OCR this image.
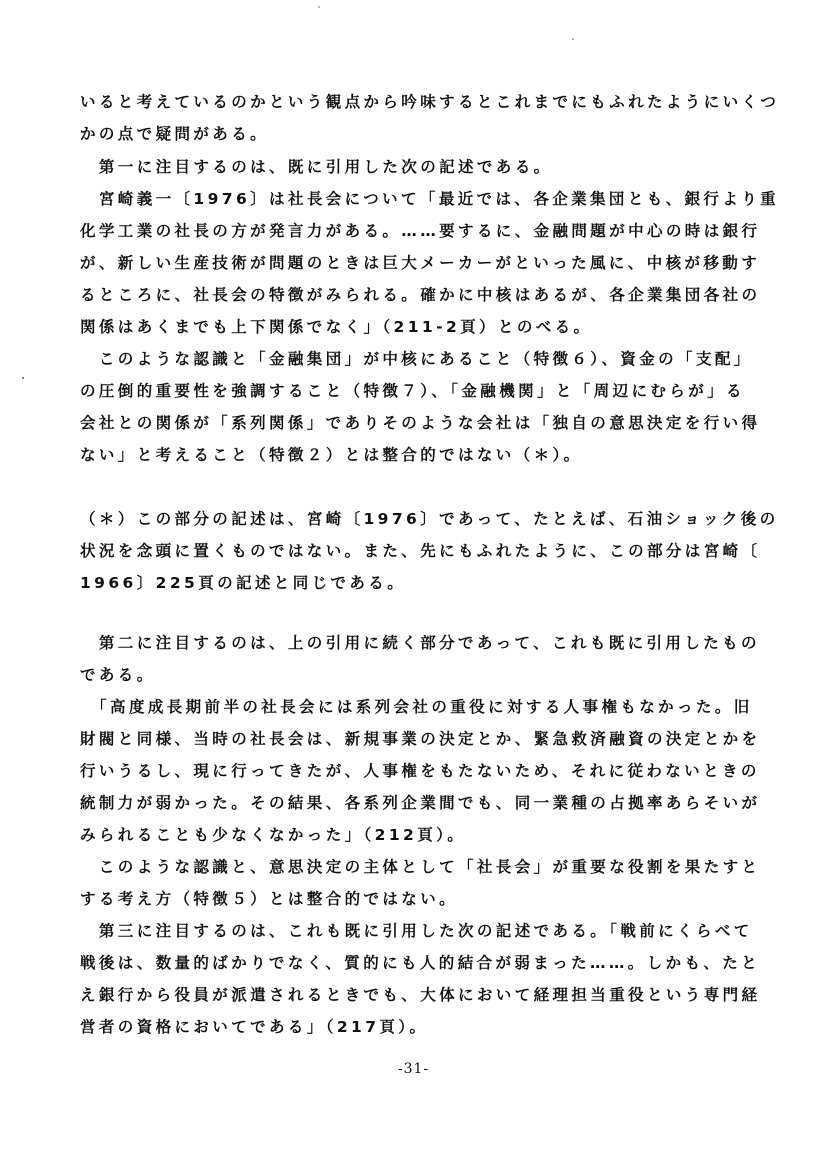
いると考えているのかという観点から吟味するとこれまでにもふれたようにいくつ
かの点で疑問がある。
　第一に注目するのは、既に引用した次の記述である。
　宮崎義一〔1976〕は社長会について「最近では、各企業集団とも、銀行より重
化学工業の社長の方が発言力がある。……要するに、金融問題が中心の時は銀行
が、新しい生産技術が問題のときは巨大メーカーがといった風に、中核が移動す
るところに、社長会の特徴がみられる。確かに中核はあるが、各企業集団各社の
関係はあくまでも上下関係でなく」（211-2頁）とのべる。
　このような認識と「金融集団」が中核にあること（特徴６）、資金の「支配」
の圧倒的重要性を強調すること（特徴７）、「金融機関」と「周辺にむらが」る
会社との関係が「系列関係」でありそのような会社は「独自の意思決定を行い得
ない」と考えること（特徴２）とは整合的ではない（＊）。
（＊）この部分の記述は、宮崎〔1976〕であって、たとえば、石油ショック後の
状況を念頭に置くものではない。また、先にもふれたように、この部分は宮崎〔
1966〕225頁の記述と同じである。
　第二に注目するのは、上の引用に続く部分であって、これも既に引用したもの
である。
　「高度成長期前半の社長会には系列会社の重役に対する人事権もなかった。旧
財閥と同様、当時の社長会は、新規事業の決定とか、緊急救済融資の決定とかを
行いうるし、現に行ってきたが、人事権をもたないため、それに従わないときの
統制力が弱かった。その結果、各系列企業間でも、同一業種の占拠率あらそいが
みられることも少なくなかった」（212頁）。
　このような認識と、意思決定の主体として「社長会」が重要な役割を果たすと
する考え方（特徴５）とは整合的ではない。
　第三に注目するのは、これも既に引用した次の記述である。「戦前にくらべて
戦後は、数量的ばかりでなく、質的にも人的結合が弱まった……。しかも、たと
え銀行から役員が派遣されるときでも、大体において経理担当重役という専門経
営者の資格においてである」（217頁）。
-31-
